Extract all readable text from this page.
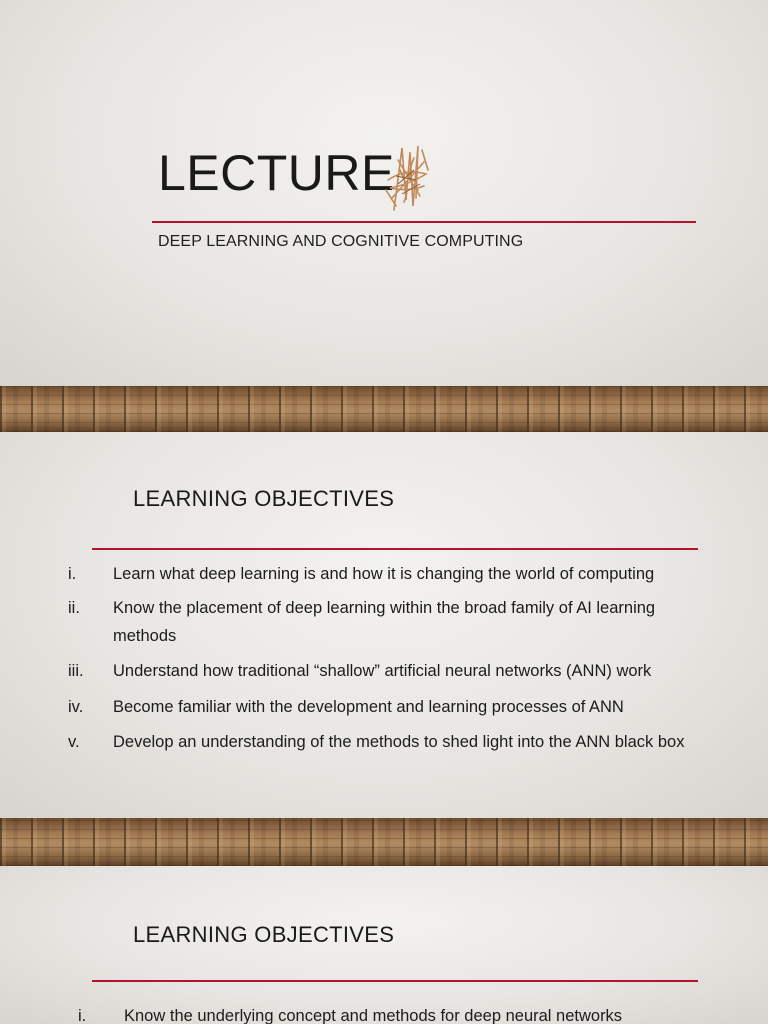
LECTURE
DEEP LEARNING AND COGNITIVE COMPUTING
LEARNING OBJECTIVES
i. Learn what deep learning is and how it is changing the world of computing
ii. Know the placement of deep learning within the broad family of AI learning methods
iii. Understand how traditional “shallow” artificial neural networks (ANN) work
iv. Become familiar with the development and learning processes of ANN
v. Develop an understanding of the methods to shed light into the ANN black box
LEARNING OBJECTIVES
i. Know the underlying concept and methods for deep neural networks
